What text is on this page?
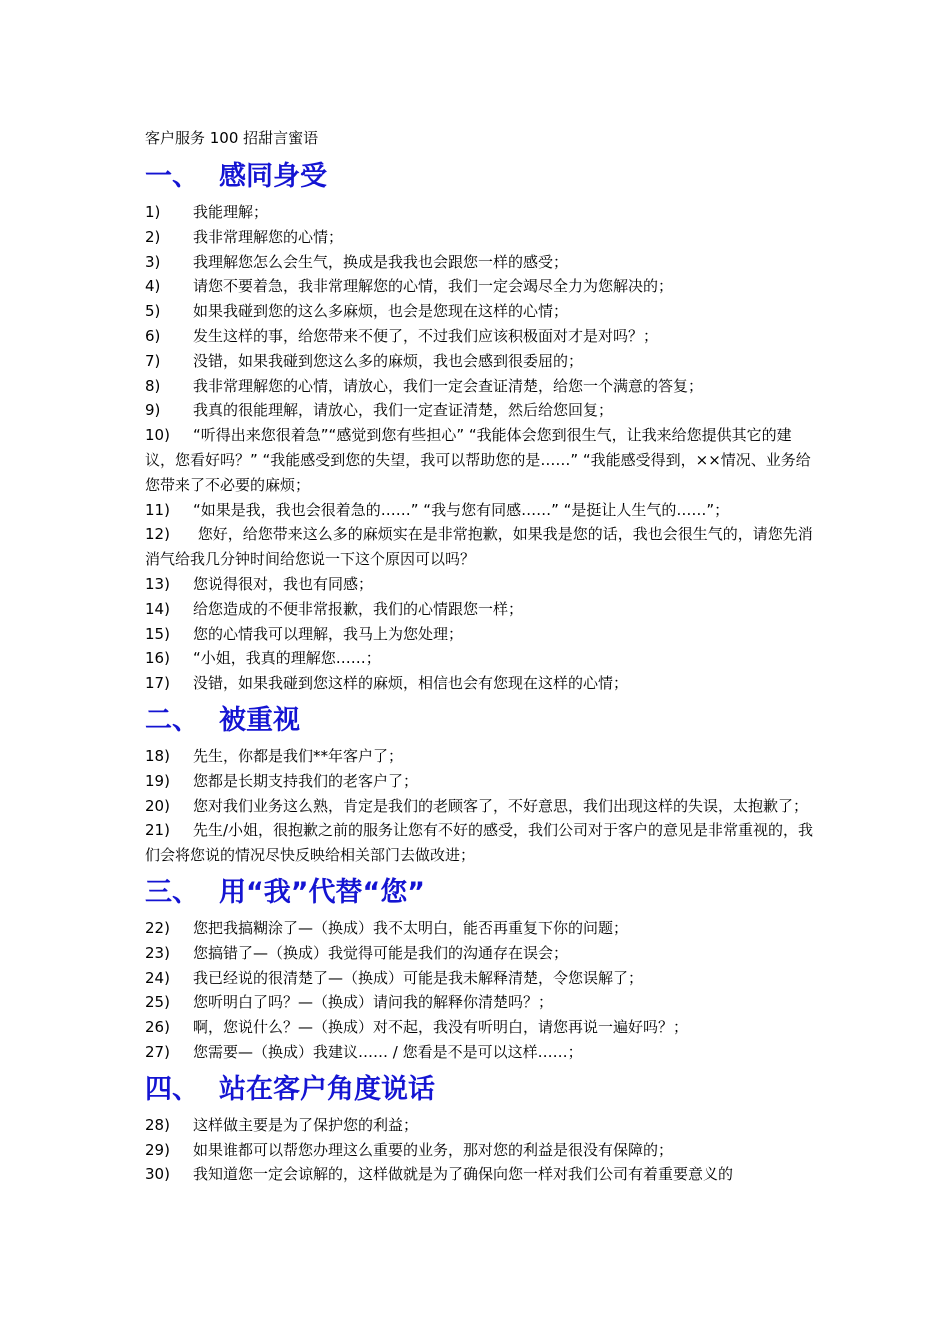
客户服务 100 招甜言蜜语
一、 感同身受
1) 我能理解；
2) 我非常理解您的心情；
3) 我理解您怎么会生气，换成是我我也会跟您一样的感受；
4) 请您不要着急，我非常理解您的心情，我们一定会竭尽全力为您解决的；
5) 如果我碰到您的这么多麻烦，也会是您现在这样的心情；
6) 发生这样的事，给您带来不便了，不过我们应该积极面对才是对吗？；
7) 没错，如果我碰到您这么多的麻烦，我也会感到很委屈的；
8) 我非常理解您的心情，请放心，我们一定会查证清楚，给您一个满意的答复；
9) 我真的很能理解，请放心，我们一定查证清楚，然后给您回复；
10) “听得出来您很着急”“感觉到您有些担心” “我能体会您到很生气，让我来给您提供其它的建议，您看好吗？” “我能感受到您的失望，我可以帮助您的是……” “我能感受得到，××情况、业务给您带来了不必要的麻烦；
11) “如果是我，我也会很着急的……” “我与您有同感……” “是挺让人生气的……”；
12) 您好，给您带来这么多的麻烦实在是非常抱歉，如果我是您的话，我也会很生气的，请您先消消气给我几分钟时间给您说一下这个原因可以吗？
13) 您说得很对，我也有同感；
14) 给您造成的不便非常报歉，我们的心情跟您一样；
15) 您的心情我可以理解，我马上为您处理；
16) “小姐，我真的理解您……；
17) 没错，如果我碰到您这样的麻烦，相信也会有您现在这样的心情；
二、 被重视
18) 先生，你都是我们**年客户了；
19) 您都是长期支持我们的老客户了；
20) 您对我们业务这么熟，肯定是我们的老顾客了，不好意思，我们出现这样的失误，太抱歉了；
21) 先生/小姐，很抱歉之前的服务让您有不好的感受，我们公司对于客户的意见是非常重视的，我们会将您说的情况尽快反映给相关部门去做改进；
三、 用“我”代替“您”
22) 您把我搞糊涂了—（换成）我不太明白，能否再重复下你的问题；
23) 您搞错了—（换成）我觉得可能是我们的沟通存在误会；
24) 我已经说的很清楚了—（换成）可能是我未解释清楚，令您误解了；
25) 您听明白了吗？—（换成）请问我的解释你清楚吗？；
26) 啊，您说什么？—（换成）对不起，我没有听明白，请您再说一遍好吗？；
27) 您需要—（换成）我建议…… / 您看是不是可以这样……；
四、 站在客户角度说话
28) 这样做主要是为了保护您的利益；
29) 如果谁都可以帮您办理这么重要的业务，那对您的利益是很没有保障的；
30) 我知道您一定会谅解的，这样做就是为了确保向您一样对我们公司有着重要意义的
